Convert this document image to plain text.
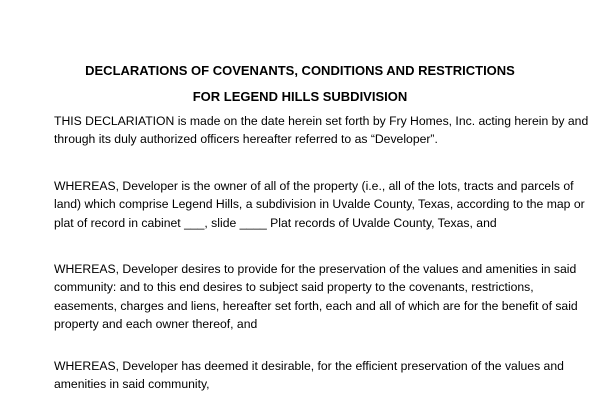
DECLARATIONS OF COVENANTS, CONDITIONS AND RESTRICTIONS
FOR LEGEND HILLS SUBDIVISION
THIS DECLARIATION is made on the date herein set forth by Fry Homes, Inc. acting herein by and
through its duly authorized officers hereafter referred to as “Developer”.
WHEREAS, Developer is the owner of all of the property (i.e., all of the lots, tracts and parcels of
land) which comprise Legend Hills, a subdivision in Uvalde County, Texas, according to the map or
plat of record in cabinet ___, slide ____ Plat records of Uvalde County, Texas, and
WHEREAS, Developer desires to provide for the preservation of the values and amenities in said
community: and to this end desires to subject said property to the covenants, restrictions,
easements, charges and liens, hereafter set forth, each and all of which are for the benefit of said
property and each owner thereof, and
WHEREAS, Developer has deemed it desirable, for the efficient preservation of the values and
amenities in said community,
